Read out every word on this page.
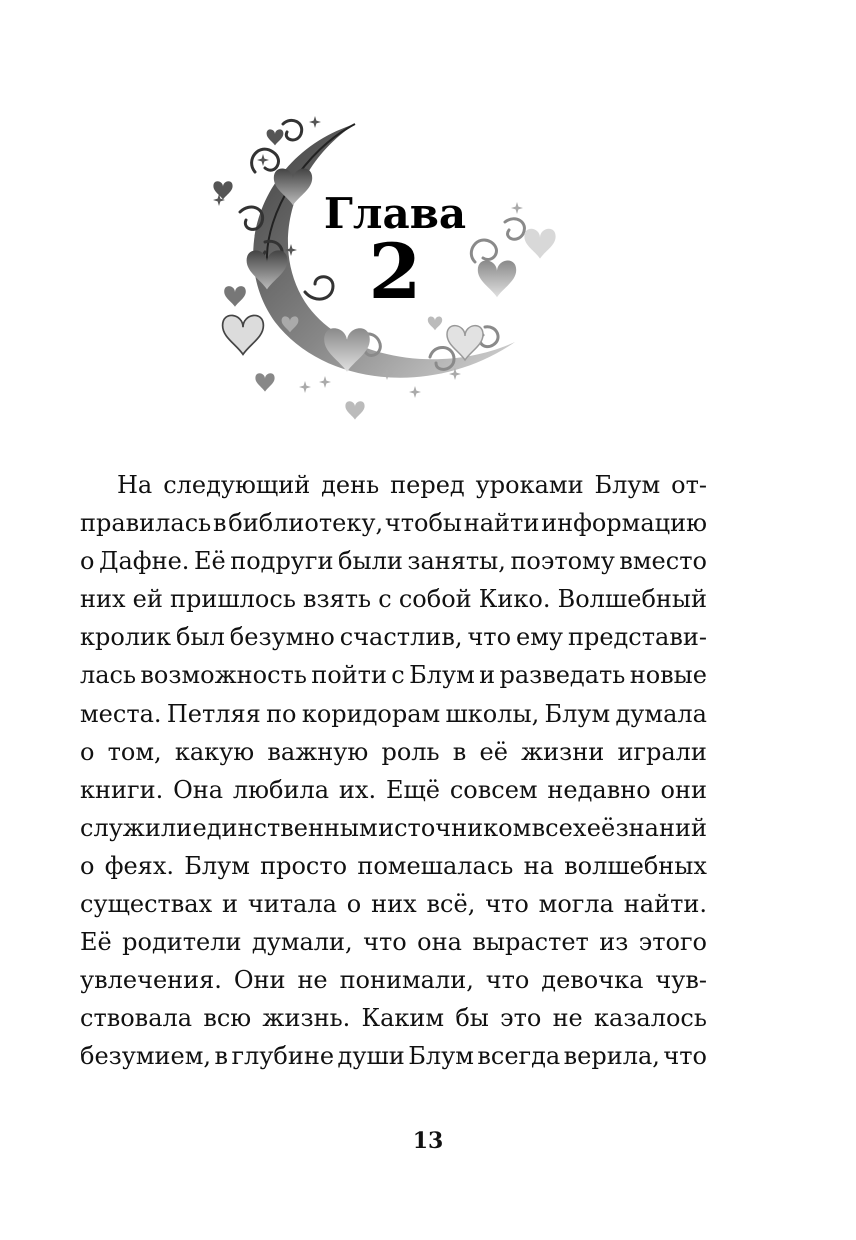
Глава
2
На следующий день перед уроками Блум от-
правилась в библиотеку, чтобы найти информацию
о Дафне. Её подруги были заняты, поэтому вместо
них ей пришлось взять с собой Кико. Волшебный
кролик был безумно счастлив, что ему представи-
лась возможность пойти с Блум и разведать новые
места. Петляя по коридорам школы, Блум думала
о том, какую важную роль в её жизни играли
книги. Она любила их. Ещё совсем недавно они
служили единственным источником всех её знаний
о феях. Блум просто помешалась на волшебных
существах и читала о них всё, что могла найти.
Её родители думали, что она вырастет из этого
увлечения. Они не понимали, что девочка чув-
ствовала всю жизнь. Каким бы это не казалось
безумием, в глубине души Блум всегда верила, что
13
